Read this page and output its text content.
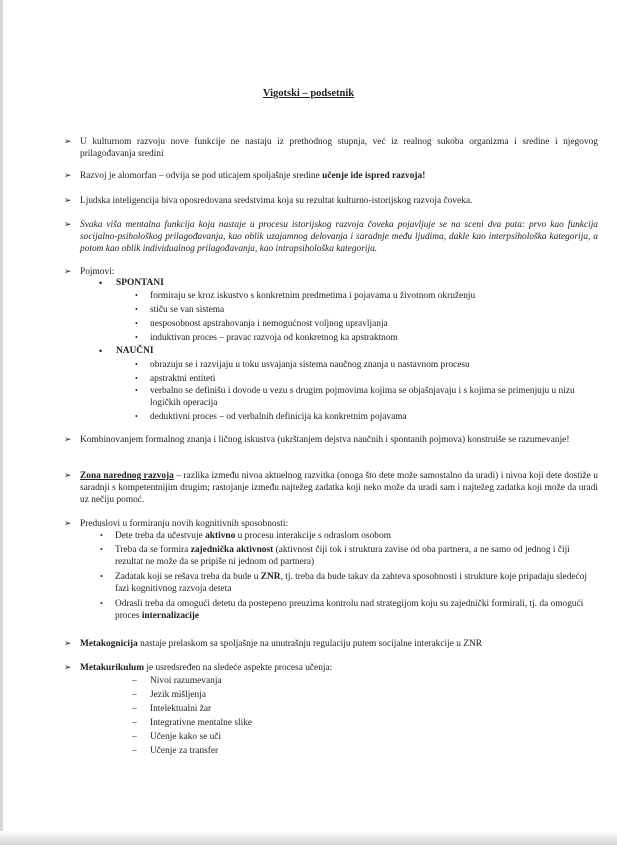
Vigotski – podsetnik
➢ U kulturnom razvoju nove funkcije ne nastaju iz prethodnog stupnja, već iz realnog sukoba organizma i sredine i njegovog prilagođavanja sredini
➢ Razvoj je alomorfan – odvija se pod uticajem spoljašnje sredine učenje ide ispred razvoja!
➢ Ljudska inteligencija biva oposredovana sredstvima koja su rezultat kulturno-istorijskog razvoja čoveka.
➢ Svaka viša mentalna funkcija koja nastaje u procesu istorijskog razvoja čoveka pojavljuje se na sceni dva puta: prvo kao funkcija socijalno-psihološkog prilagođavanja, kao oblik uzajamnog delovanja i saradnje među ljudima, dakle kao interpsihološka kategorija, a potom kao oblik individualnog prilagođavanja, kao intrapsihološka kategorija.
➢ Pojmovi:
• SPONTANI
• formiraju se kroz iskustvo s konkretnim predmetima i pojavama u životnom okruženju
• stiču se van sistema
• nesposobnost apstrahovanja i nemogućnost voljnog upravljanja
• induktivan proces – pravac razvoja od konkretnog ka apstraktnom
• NAUČNI
• obrazuju se i razvijaju u toku usvajanja sistema naučnog znanja u nastavnom procesu
• apstraktni entiteti
• verbalno se definišu i dovode u vezu s drugim pojmovima kojima se objašnjavaju i s kojima se primenjuju u nizu logičkih operacija
• deduktivni proces – od verbalnih definicija ka konkretnim pojavama
➢ Kombinovanjem formalnog znanja i ličnog iskustva (ukrštanjem dejstva naučnih i spontanih pojmova) konstruiše se razumevanje!
➢ Zona narednog razvoja – razlika između nivoa aktuelnog razvitka (onoga što dete može samostalno da uradi) i nivoa koji dete dostiže u saradnji s kompetentnijim drugim; rastojanje između najtežeg zadatka koji neko može da uradi sam i najtežeg zadatka koji može da uradi uz nečiju pomoć.
➢ Preduslovi u formiranju novih kognitivnih sposobnosti:
• Dete treba da učestvuje aktivno u procesu interakcije s odraslom osobom
• Treba da se formira zajednička aktivnost (aktivnost čiji tok i struktura zavise od oba partnera, a ne samo od jednog i čiji rezultat ne može da se pripiše ni jednom od partnera)
• Zadatak koji se rešava treba da bude u ZNR, tj. treba da bude takav da zahteva sposobnosti i strukture koje pripadaju sledećoj fazi kognitivnog razvoja deteta
• Odrasli treba da omogući detetu da postepeno preuzima kontrolu nad strategijom koju su zajednički formirali, tj. da omogući proces internalizacije
➢ Metakognicija nastaje prelaskom sa spoljašnje na unutrašnju regulaciju putem socijalne interakcije u ZNR
➢ Metakurikulum je usredsređen na sledeće aspekte procesa učenja:
– Nivoi razumevanja
– Jezik mišljenja
– Intelektualni žar
– Integrativne mentalne slike
– Učenje kako se uči
– Učenje za transfer
